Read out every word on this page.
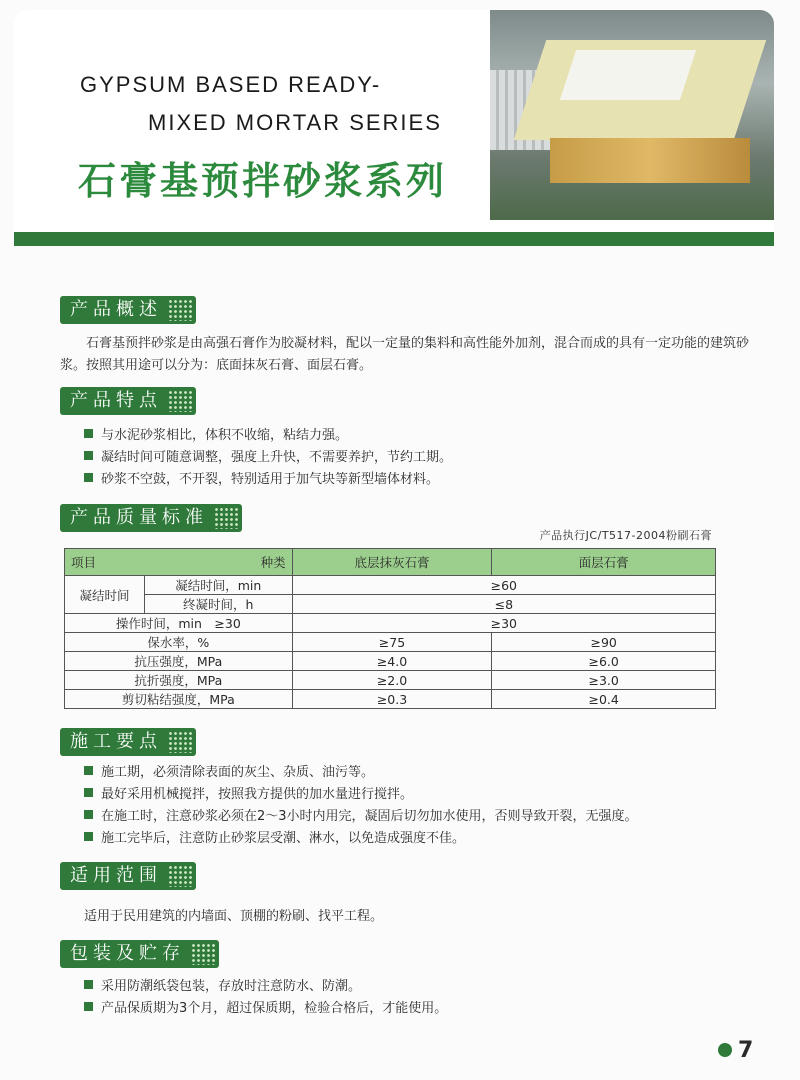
GYPSUM BASED READY-
MIXED MORTAR SERIES
石膏基预拌砂浆系列
产品概述
石膏基预拌砂浆是由高强石膏作为胶凝材料，配以一定量的集料和高性能外加剂，混合而成的具有一定功能的建筑砂浆。按照其用途可以分为：底面抹灰石膏、面层石膏。
产品特点
与水泥砂浆相比，体积不收缩，粘结力强。
凝结时间可随意调整，强度上升快，不需要养护，节约工期。
砂浆不空鼓，不开裂，特别适用于加气块等新型墙体材料。
产品质量标准
产品执行JC/T517-2004粉刷石膏
项目 种类		底层抹灰石膏	面层石膏
凝结时间	凝结时间，min	≥60	
	终凝时间，h	≤8	
操作时间，min　≥30		≥30	
保水率，%		≥75	≥90
抗压强度，MPa		≥4.0	≥6.0
抗折强度，MPa		≥2.0	≥3.0
剪切粘结强度，MPa		≥0.3	≥0.4
施工要点
施工期，必须清除表面的灰尘、杂质、油污等。
最好采用机械搅拌，按照我方提供的加水量进行搅拌。
在施工时，注意砂浆必须在2～3小时内用完，凝固后切勿加水使用，否则导致开裂，无强度。
施工完毕后，注意防止砂浆层受潮、淋水，以免造成强度不佳。
适用范围
适用于民用建筑的内墙面、顶棚的粉刷、找平工程。
包装及贮存
采用防潮纸袋包装，存放时注意防水、防潮。
产品保质期为3个月，超过保质期，检验合格后，才能使用。
7
